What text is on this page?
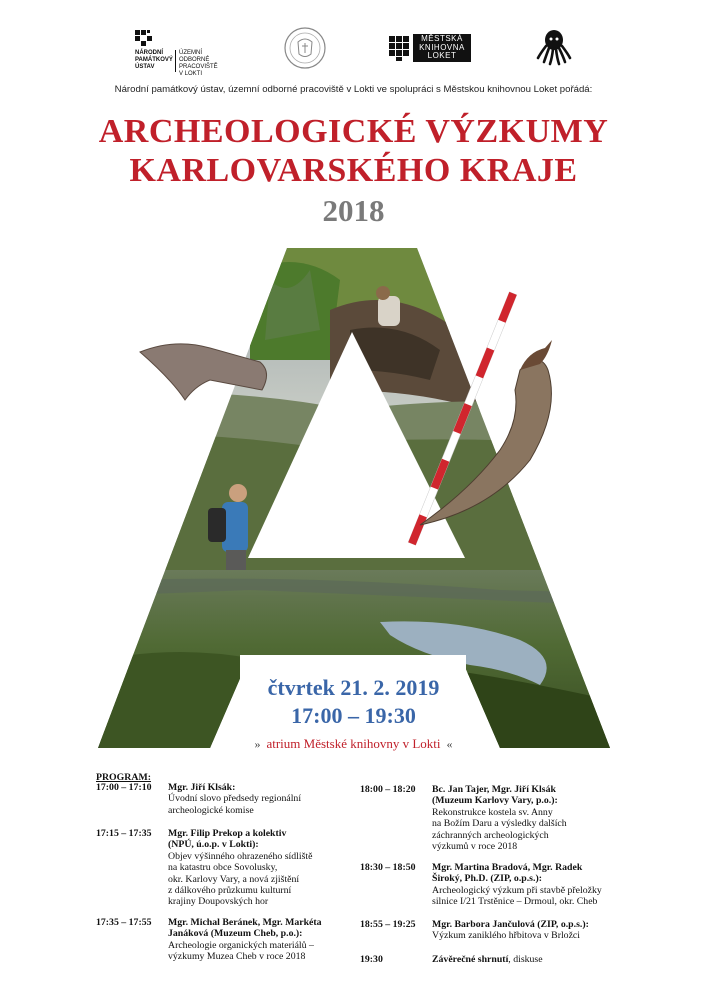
NÁRODNÍ
PAMÁTKOVÝ
ÚSTAV
ÚZEMNÍ ODBORNÉ
PRACOVIŠTĚ
V LOKTI
MĚSTSKÁ
KNIHOVNA
LOKET
Národní památkový ústav, územní odborné pracoviště v Lokti ve spolupráci s Městskou knihovnou Loket pořádá:
ARCHEOLOGICKÉ VÝZKUMY
KARLOVARSKÉHO KRAJE
2018
čtvrtek 21. 2. 2019
17:00 – 19:30
» atrium Městské knihovny v Lokti «
PROGRAM:
17:00 – 17:10 Mgr. Jiří Klsák:
Úvodní slovo předsedy regionální
archeologické komise
17:15 – 17:35 Mgr. Filip Prekop a kolektiv
(NPÚ, ú.o.p. v Lokti):
Objev výšinného ohrazeného sídliště
na katastru obce Sovolusky,
okr. Karlovy Vary, a nová zjištění
z dálkového průzkumu kulturní
krajiny Doupovských hor
17:35 – 17:55 Mgr. Michal Beránek, Mgr. Markéta
Janáková (Muzeum Cheb, p.o.):
Archeologie organických materiálů –
výzkumy Muzea Cheb v roce 2018
18:00 – 18:20 Bc. Jan Tajer, Mgr. Jiří Klsák
(Muzeum Karlovy Vary, p.o.):
Rekonstrukce kostela sv. Anny
na Božím Daru a výsledky dalších
záchranných archeologických
výzkumů v roce 2018
18:30 – 18:50 Mgr. Martina Bradová, Mgr. Radek
Široký, Ph.D. (ZIP, o.p.s.):
Archeologický výzkum při stavbě přeložky
silnice I/21 Trstěnice – Drmoul, okr. Cheb
18:55 – 19:25 Mgr. Barbora Jančulová (ZIP, o.p.s.):
Výzkum zaniklého hřbitova v Brložci
19:30	Závěrečné shrnutí, diskuse
